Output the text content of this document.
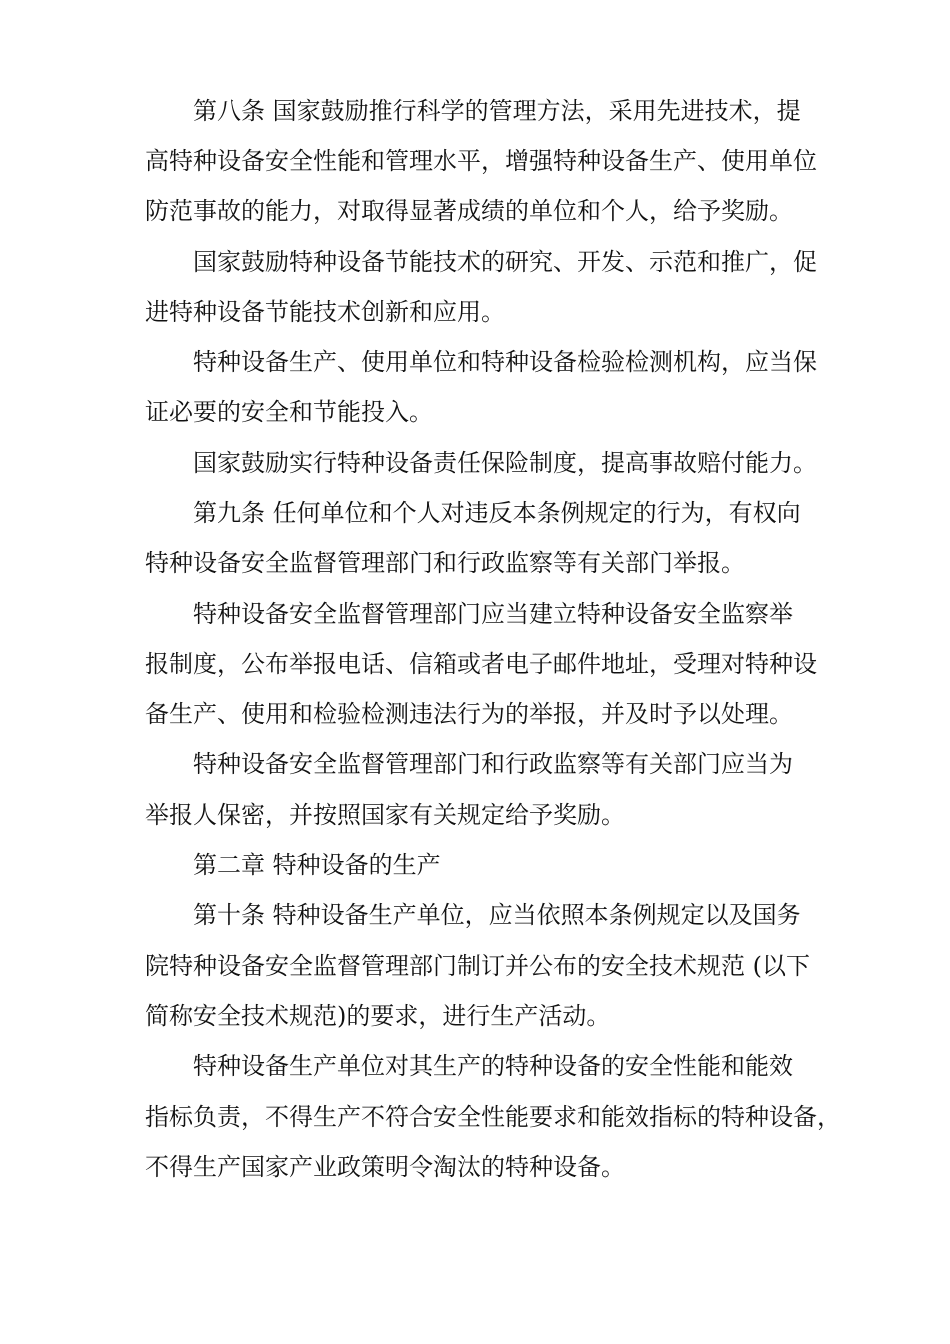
第八条 国家鼓励推行科学的管理方法，采用先进技术，提
高特种设备安全性能和管理水平，增强特种设备生产、使用单位
防范事故的能力，对取得显著成绩的单位和个人，给予奖励。
国家鼓励特种设备节能技术的研究、开发、示范和推广，促
进特种设备节能技术创新和应用。
特种设备生产、使用单位和特种设备检验检测机构，应当保
证必要的安全和节能投入。
国家鼓励实行特种设备责任保险制度，提高事故赔付能力。
第九条 任何单位和个人对违反本条例规定的行为，有权向
特种设备安全监督管理部门和行政监察等有关部门举报。
特种设备安全监督管理部门应当建立特种设备安全监察举
报制度，公布举报电话、信箱或者电子邮件地址，受理对特种设
备生产、使用和检验检测违法行为的举报，并及时予以处理。
特种设备安全监督管理部门和行政监察等有关部门应当为
举报人保密，并按照国家有关规定给予奖励。
第二章 特种设备的生产
第十条 特种设备生产单位，应当依照本条例规定以及国务
院特种设备安全监督管理部门制订并公布的安全技术规范 (以下
简称安全技术规范)的要求，进行生产活动。
特种设备生产单位对其生产的特种设备的安全性能和能效
指标负责，不得生产不符合安全性能要求和能效指标的特种设备，
不得生产国家产业政策明令淘汰的特种设备。
